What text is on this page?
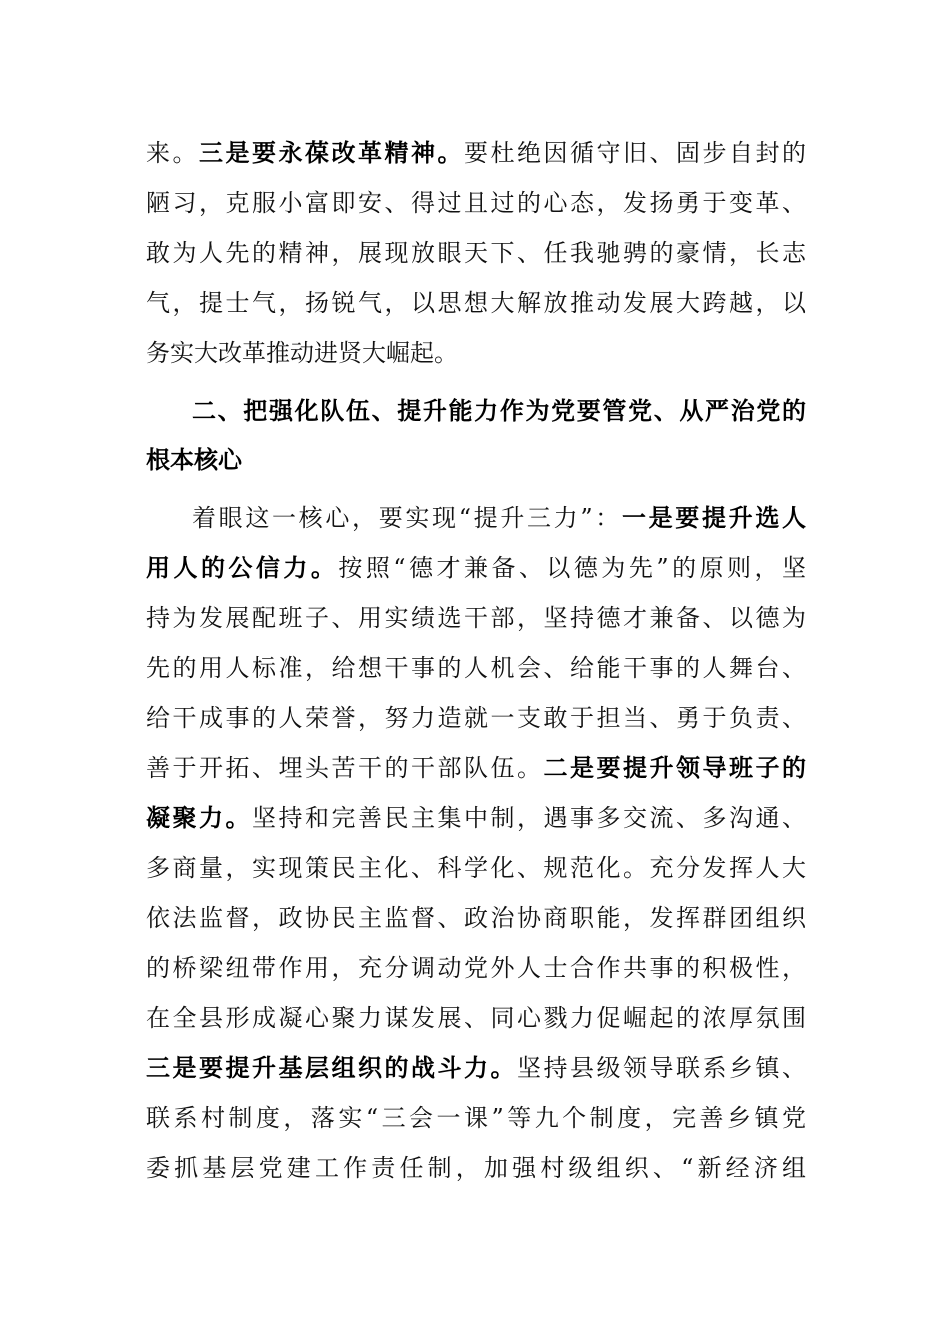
来。三是要永葆改革精神。要杜绝因循守旧、固步自封的
陋习，克服小富即安、得过且过的心态，发扬勇于变革、
敢为人先的精神，展现放眼天下、任我驰骋的豪情，长志
气，提士气，扬锐气，以思想大解放推动发展大跨越，以
务实大改革推动进贤大崛起。
二、把强化队伍、提升能力作为党要管党、从严治党的
根本核心
着眼这一核心，要实现“提升三力”：一是要提升选人
用人的公信力。按照“德才兼备、以德为先”的原则，坚
持为发展配班子、用实绩选干部，坚持德才兼备、以德为
先的用人标准，给想干事的人机会、给能干事的人舞台、
给干成事的人荣誉，努力造就一支敢于担当、勇于负责、
善于开拓、埋头苦干的干部队伍。二是要提升领导班子的
凝聚力。坚持和完善民主集中制，遇事多交流、多沟通、
多商量，实现策民主化、科学化、规范化。充分发挥人大
依法监督，政协民主监督、政治协商职能，发挥群团组织
的桥梁纽带作用，充分调动党外人士合作共事的积极性，
在全县形成凝心聚力谋发展、同心戮力促崛起的浓厚氛围
三是要提升基层组织的战斗力。坚持县级领导联系乡镇、
联系村制度，落实“三会一课”等九个制度，完善乡镇党
委抓基层党建工作责任制，加强村级组织、“新经济组
